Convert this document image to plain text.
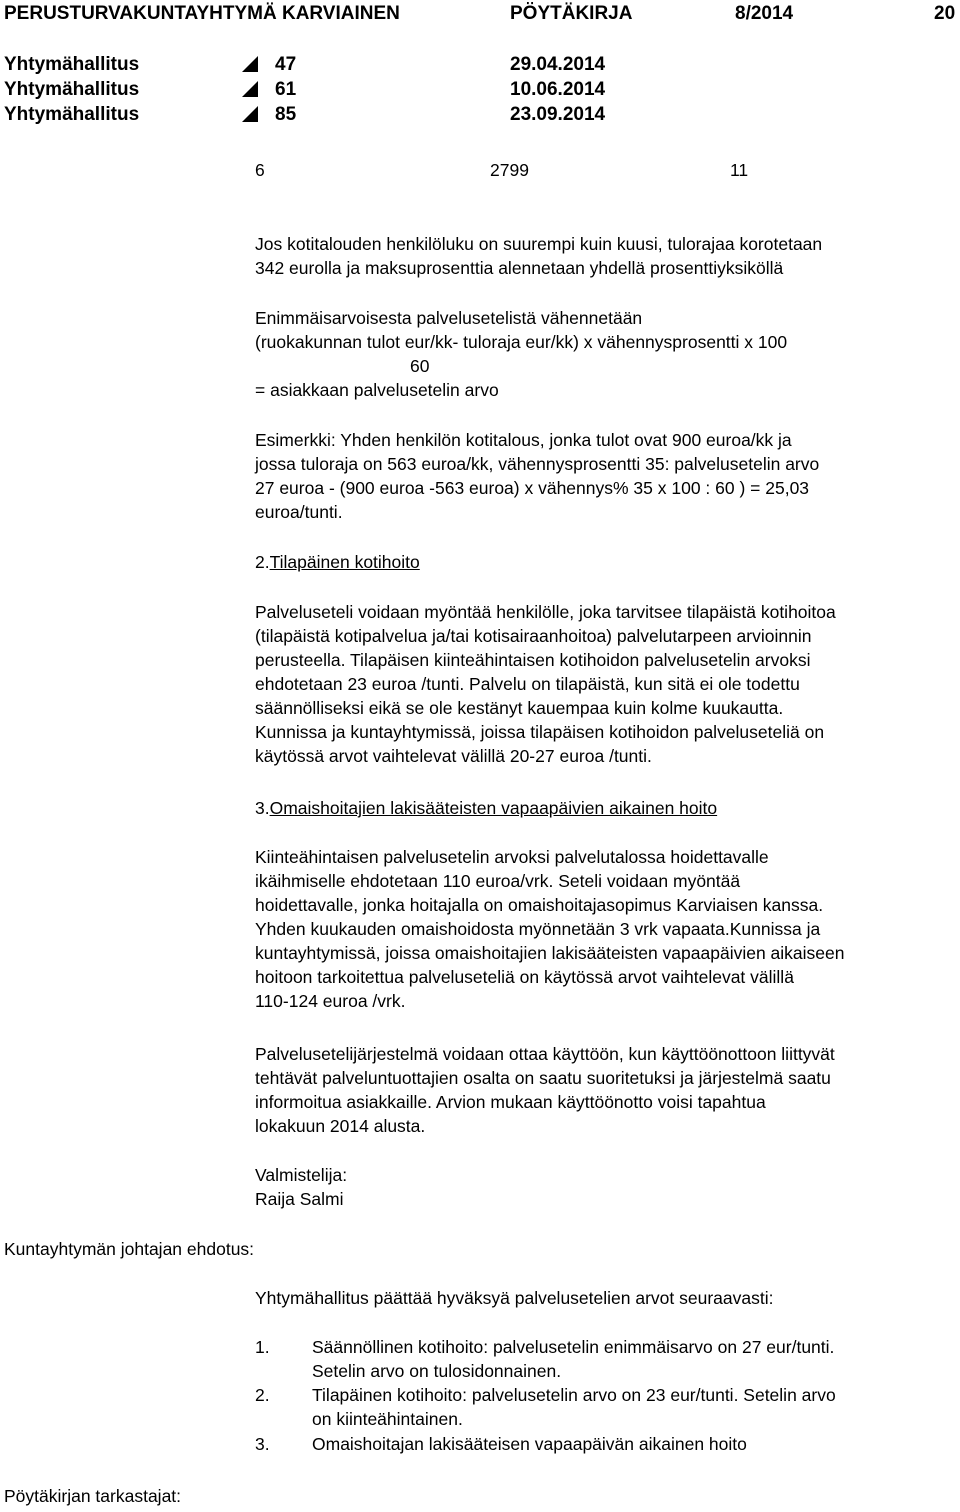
PERUSTURVAKUNTAYHTYMÄ KARVIAINEN	PÖYTÄKIRJA	8/2014	20
Yhtymähallitus	47	29.04.2014
Yhtymähallitus	61	10.06.2014
Yhtymähallitus	85	23.09.2014
6	2799	11

Jos kotitalouden henkilöluku on suurempi kuin kuusi, tulorajaa korotetaan

342 eurolla ja maksuprosenttia alennetaan yhdellä prosenttiyksiköllä

Enimmäisarvoisesta palvelusetelistä vähennetään

(ruokakunnan tulot eur/kk- tuloraja eur/kk) x vähennysprosentti x 100

60

= asiakkaan palvelusetelin arvo

Esimerkki: Yhden henkilön kotitalous, jonka tulot ovat 900 euroa/kk ja

jossa tuloraja on 563 euroa/kk, vähennysprosentti 35: palvelusetelin arvo

27 euroa - (900 euroa -563 euroa) x vähennys% 35 x 100 : 60 ) = 25,03

euroa/tunti.

2.Tilapäinen kotihoito

Palveluseteli voidaan myöntää henkilölle, joka tarvitsee tilapäistä kotihoitoa

(tilapäistä kotipalvelua ja/tai kotisairaanhoitoa) palvelutarpeen arvioinnin

perusteella. Tilapäisen kiinteähintaisen kotihoidon palvelusetelin arvoksi

ehdotetaan 23 euroa /tunti. Palvelu on tilapäistä, kun sitä ei ole todettu

säännölliseksi eikä se ole kestänyt kauempaa kuin kolme kuukautta.

Kunnissa ja kuntayhtymissä, joissa tilapäisen kotihoidon palveluseteliä on

käytössä arvot vaihtelevat välillä 20-27 euroa /tunti.

3.Omaishoitajien lakisääteisten vapaapäivien aikainen hoito

Kiinteähintaisen palvelusetelin arvoksi palvelutalossa hoidettavalle

ikäihmiselle ehdotetaan 110 euroa/vrk. Seteli voidaan myöntää

hoidettavalle, jonka hoitajalla on omaishoitajasopimus Karviaisen kanssa.

Yhden kuukauden omaishoidosta myönnetään 3 vrk vapaata.Kunnissa ja

kuntayhtymissä, joissa omaishoitajien lakisääteisten vapaapäivien aikaiseen

hoitoon tarkoitettua palveluseteliä on käytössä arvot vaihtelevat välillä

110-124 euroa /vrk.

Palvelusetelijärjestelmä voidaan ottaa käyttöön, kun käyttöönottoon liittyvät

tehtävät palveluntuottajien osalta on saatu suoritetuksi ja järjestelmä saatu

informoitua asiakkaille. Arvion mukaan käyttöönotto voisi tapahtua

lokakuun 2014 alusta.

Valmistelija:

Raija Salmi

Kuntayhtymän johtajan ehdotus:

Yhtymähallitus päättää hyväksyä palvelusetelien arvot seuraavasti:

1. Säännöllinen kotihoito: palvelusetelin enimmäisarvo on 27 eur/tunti.
Setelin arvo on tulosidonnainen.
2. Tilapäinen kotihoito: palvelusetelin arvo on 23 eur/tunti. Setelin arvo
on kiinteähintainen.
3. Omaishoitajan lakisääteisen vapaapäivän aikainen hoito
Pöytäkirjan tarkastajat:
